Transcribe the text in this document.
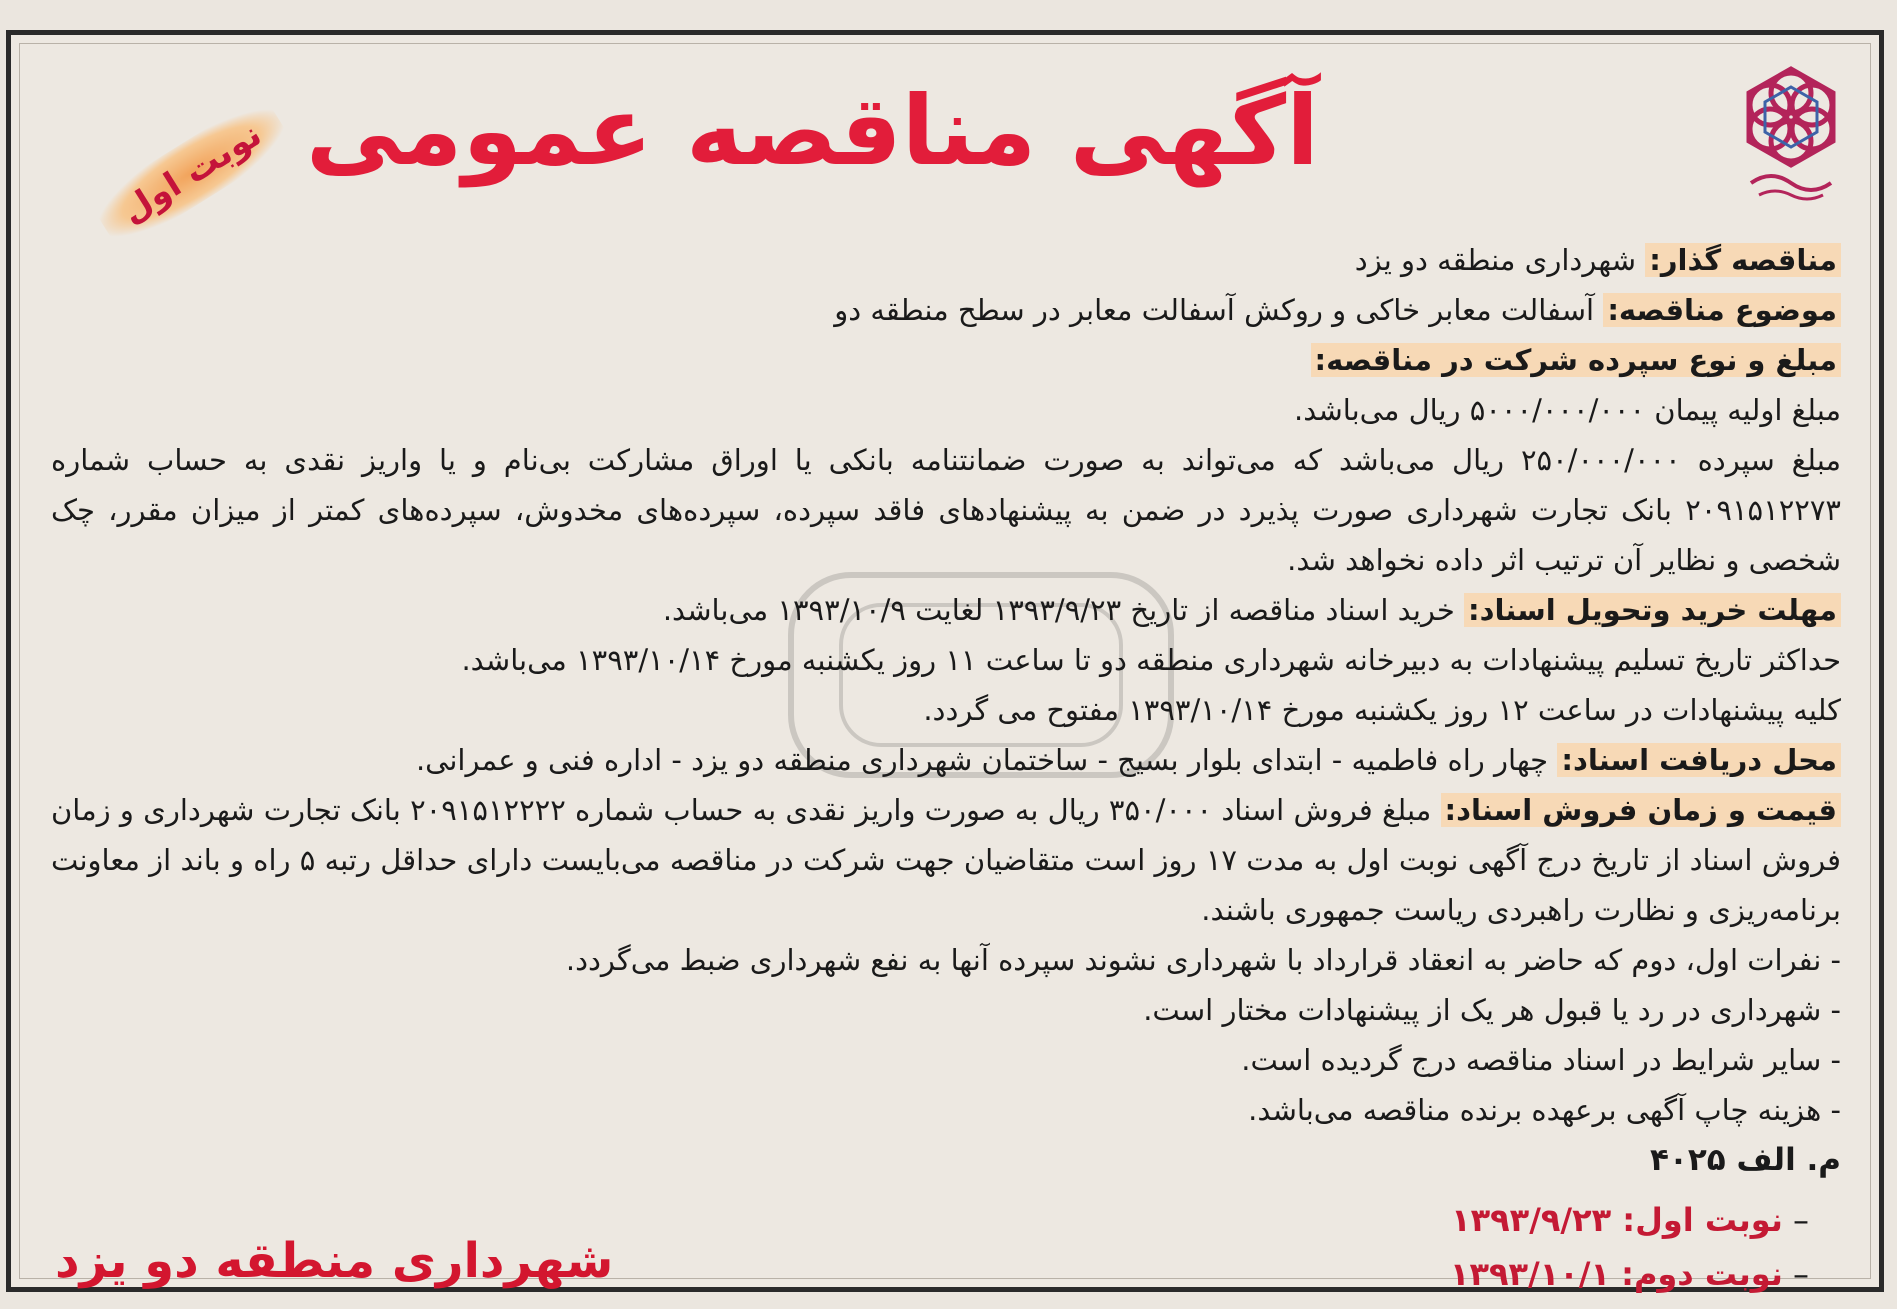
آگهی مناقصه عمومی
نوبت اول
مناقصه گذار: شهرداری منطقه دو یزد
موضوع مناقصه: آسفالت معابر خاکی و روکش آسفالت معابر در سطح منطقه دو
مبلغ و نوع سپرده شرکت در مناقصه:
مبلغ اولیه پیمان ۵۰۰۰/۰۰۰/۰۰۰ ریال می‌باشد.
مبلغ سپرده ۲۵۰/۰۰۰/۰۰۰ ریال می‌باشد که می‌تواند به صورت ضمانتنامه بانکی یا اوراق مشارکت بی‌نام و یا واریز نقدی به حساب شماره ۲۰۹۱۵۱۲۲۷۳ بانک تجارت شهرداری صورت پذیرد در ضمن به پیشنهادهای فاقد سپرده، سپرده‌های مخدوش، سپرده‌های کمتر از میزان مقرر، چک شخصی و نظایر آن ترتیب اثر داده نخواهد شد.
مهلت خرید وتحویل اسناد: خرید اسناد مناقصه از تاریخ ۱۳۹۳/۹/۲۳ لغایت ۱۳۹۳/۱۰/۹ می‌باشد.
حداکثر تاریخ تسلیم پیشنهادات به دبیرخانه شهرداری منطقه دو تا ساعت ۱۱ روز یکشنبه مورخ ۱۳۹۳/۱۰/۱۴ می‌باشد.
کلیه پیشنهادات در ساعت ۱۲ روز یکشنبه مورخ ۱۳۹۳/۱۰/۱۴ مفتوح می گردد.
محل دریافت اسناد: چهار راه فاطمیه - ابتدای بلوار بسیج - ساختمان شهرداری منطقه دو یزد - اداره فنی و عمرانی.
قیمت و زمان فروش اسناد: مبلغ فروش اسناد ۳۵۰/۰۰۰ ریال به صورت واریز نقدی به حساب شماره ۲۰۹۱۵۱۲۲۲۲ بانک تجارت شهرداری و زمان فروش اسناد از تاریخ درج آگهی نوبت اول به مدت ۱۷ روز است متقاضیان جهت شرکت در مناقصه می‌بایست دارای حداقل رتبه ۵ راه و باند از معاونت برنامه‌ریزی و نظارت راهبردی ریاست جمهوری باشند.
- نفرات اول، دوم که حاضر به انعقاد قرارداد با شهرداری نشوند سپرده آنها به نفع شهرداری ضبط می‌گردد.
- شهرداری در رد یا قبول هر یک از پیشنهادات مختار است.
- سایر شرایط در اسناد مناقصه درج گردیده است.
- هزینه چاپ آگهی برعهده برنده مناقصه می‌باشد.
م. الف ۴۰۲۵
– نوبت اول: ۱۳۹۳/۹/۲۳
– نوبت دوم: ۱۳۹۳/۱۰/۱
شهرداری منطقه دو یزد
